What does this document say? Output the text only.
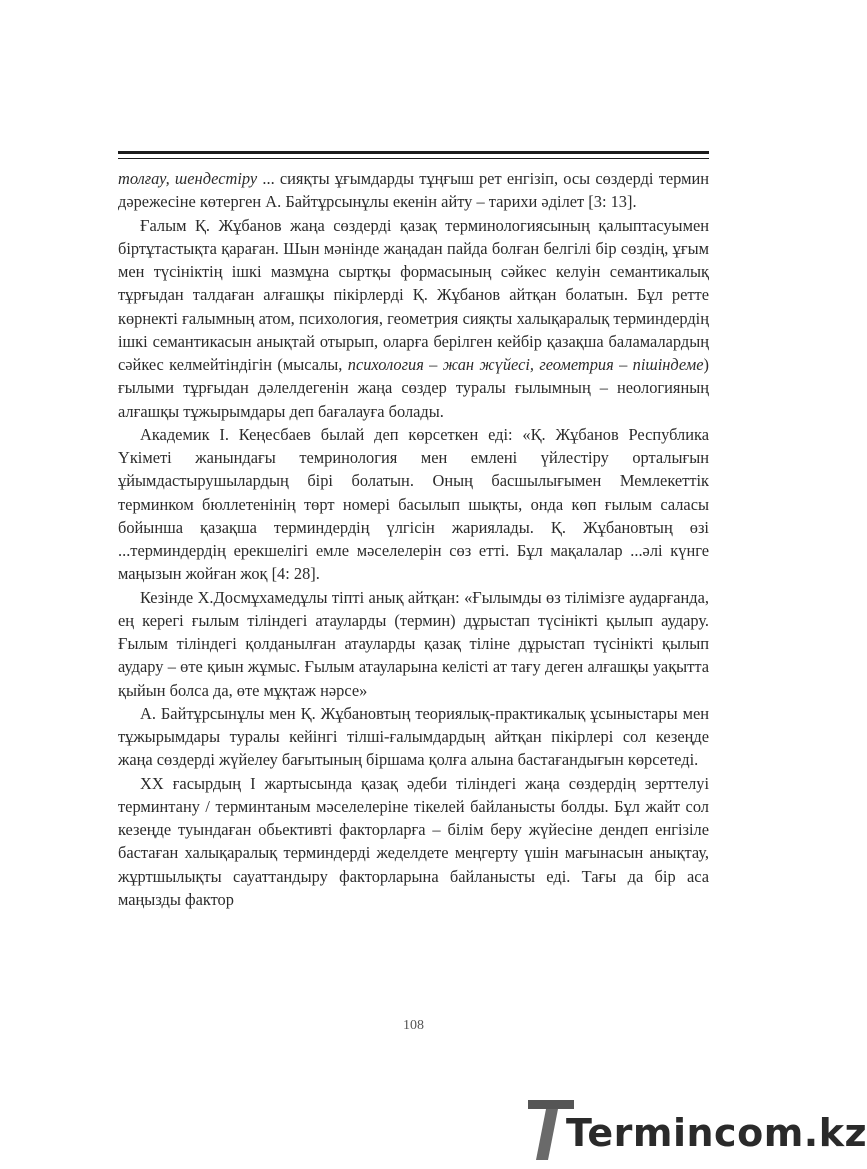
толғау, шендестіру ... сияқты ұғымдарды тұңғыш рет енгізіп, осы сөздерді термин дәрежесіне көтерген А. Байтұрсынұлы екенін айту – тарихи әділет [3: 13].

Ғалым Қ. Жұбанов жаңа сөздерді қазақ терминологиясының қалыптасуымен біртұтастықта қараған. Шын мәнінде жаңадан пайда болған белгілі бір сөздің, ұғым мен түсініктің ішкі мазмұна сыртқы формасының сәйкес келуін семантикалық тұрғыдан талдаған алғашқы пікірлерді Қ. Жұбанов айтқан болатын. Бұл ретте көрнекті ғалымның атом, психология, геометрия сияқты халықаралық терминдердің ішкі семантикасын анықтай отырып, оларға берілген кейбір қазақша баламалардың сәйкес келмейтіндігін (мысалы, психология – жан жүйесі, геометрия – пішіндеме) ғылыми тұрғыдан дәлелдегенін жаңа сөздер туралы ғылымның – неологияның алғашқы тұжырымдары деп бағалауға болады.

Академик І. Кеңесбаев былай деп көрсеткен еді: «Қ. Жұбанов Республика Үкіметі жанындағы темринология мен емлені үйлестіру орталығын ұйымдастырушылардың бірі болатын. Оның басшылығымен Мемлекеттік терминком бюллетенінің төрт номері басылып шықты, онда көп ғылым саласы бойынша қазақша терминдердің үлгісін жариялады. Қ. Жұбановтың өзі ...терминдердің ерекшелігі емле мәселелерін сөз етті. Бұл мақалалар ...әлі күнге маңызын жойған жоқ [4: 28].

Кезінде Х.Досмұхамедұлы тіпті анық айтқан: «Ғылымды өз тілімізге аударғанда, ең керегі ғылым тіліндегі атауларды (термин) дұрыстап түсінікті қылып аудару. Ғылым тіліндегі қолданылған атауларды қазақ тіліне дұрыстап түсінікті қылып аудару – өте қиын жұмыс. Ғылым атауларына келісті ат тағу деген алғашқы уақытта қыйын болса да, өте мұқтаж нәрсе»

А. Байтұрсынұлы мен Қ. Жұбановтың теориялық-практикалық ұсыныстары мен тұжырымдары туралы кейінгі тілші-ғалымдардың айтқан пікірлері сол кезеңде жаңа сөздерді жүйелеу бағытының біршама қолға алына бастағандығын көрсетеді.

XX ғасырдың I жартысында қазақ әдеби тіліндегі жаңа сөздердің зерттелуі терминтану / терминтаным мәселелеріне тікелей байланысты болды. Бұл жайт сол кезеңде туындаған обьективті факторларға – білім беру жүйесіне дендеп енгізіле бастаған халықаралық терминдерді жеделдете меңгерту үшін мағынасын анықтау, жұртшылықты сауаттандыру факторларына байланысты еді. Тағы да бір аса маңызды фактор

108
Termincom.kz
